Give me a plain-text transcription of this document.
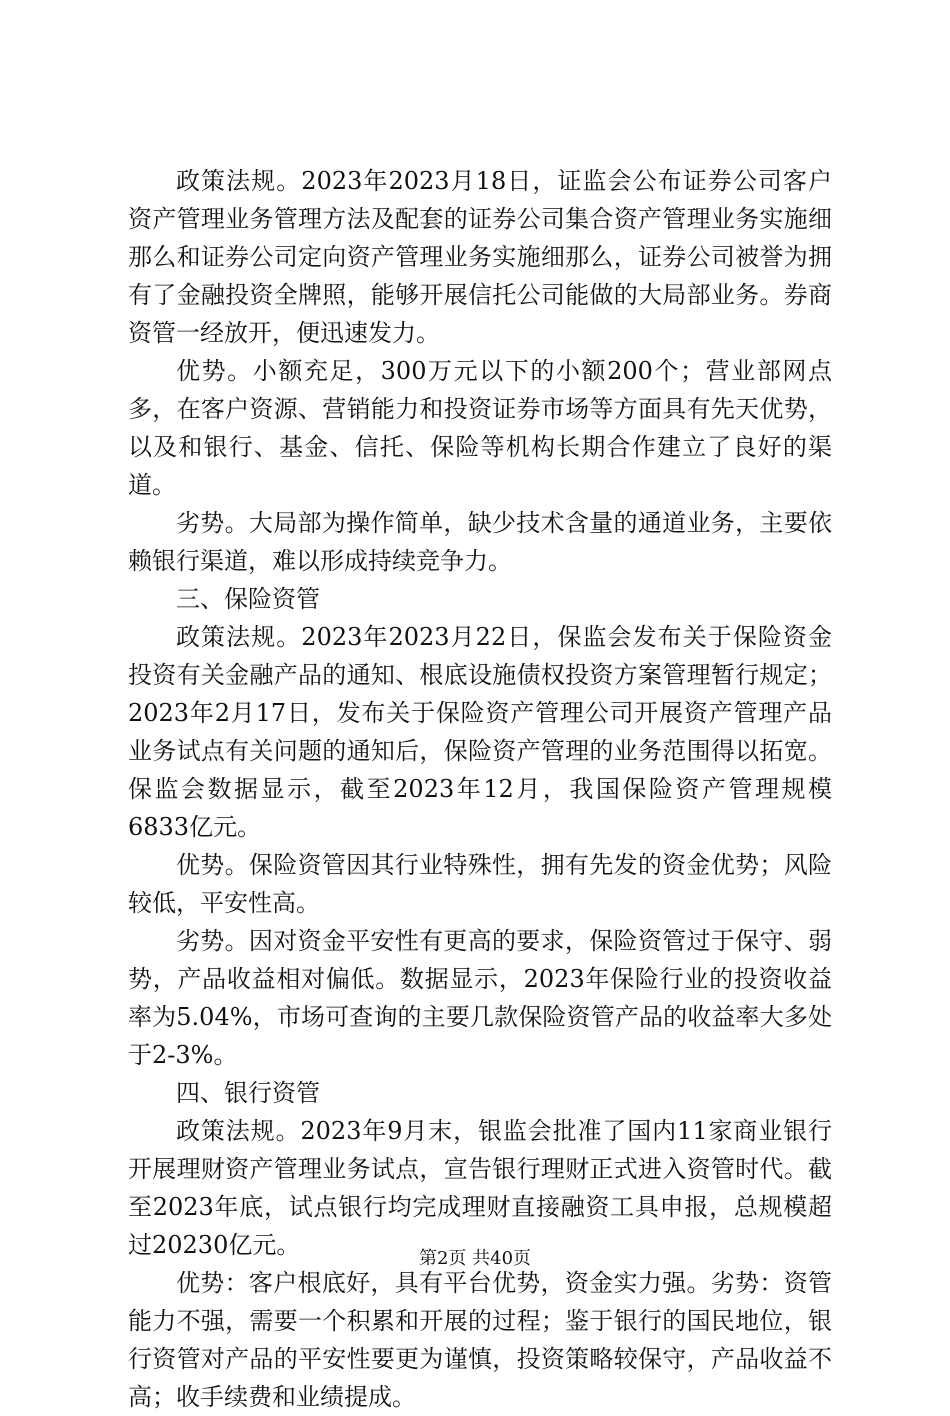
政策法规。2023年2023月18日，证监会公布证券公司客户资产管理业务管理方法及配套的证券公司集合资产管理业务实施细那么和证券公司定向资产管理业务实施细那么，证券公司被誉为拥有了金融投资全牌照，能够开展信托公司能做的大局部业务。券商资管一经放开，便迅速发力。

优势。小额充足，300万元以下的小额200个；营业部网点多，在客户资源、营销能力和投资证券市场等方面具有先天优势，以及和银行、基金、信托、保险等机构长期合作建立了良好的渠道。

劣势。大局部为操作简单，缺少技术含量的通道业务，主要依赖银行渠道，难以形成持续竞争力。

三、保险资管

政策法规。2023年2023月22日，保监会发布关于保险资金投资有关金融产品的通知、根底设施债权投资方案管理暂行规定；2023年2月17日，发布关于保险资产管理公司开展资产管理产品业务试点有关问题的通知后，保险资产管理的业务范围得以拓宽。保监会数据显示，截至2023年12月，我国保险资产管理规模6833亿元。

优势。保险资管因其行业特殊性，拥有先发的资金优势；风险较低，平安性高。

劣势。因对资金平安性有更高的要求，保险资管过于保守、弱势，产品收益相对偏低。数据显示，2023年保险行业的投资收益率为5.04%，市场可查询的主要几款保险资管产品的收益率大多处于2-3%。

四、银行资管

政策法规。2023年9月末，银监会批准了国内11家商业银行开展理财资产管理业务试点，宣告银行理财正式进入资管时代。截至2023年底，试点银行均完成理财直接融资工具申报，总规模超过20230亿元。

优势：客户根底好，具有平台优势，资金实力强。劣势：资管能力不强，需要一个积累和开展的过程；鉴于银行的国民地位，银行资管对产品的平安性要更为谨慎，投资策略较保守，产品收益不高；收手续费和业绩提成。

第2页 共40页
